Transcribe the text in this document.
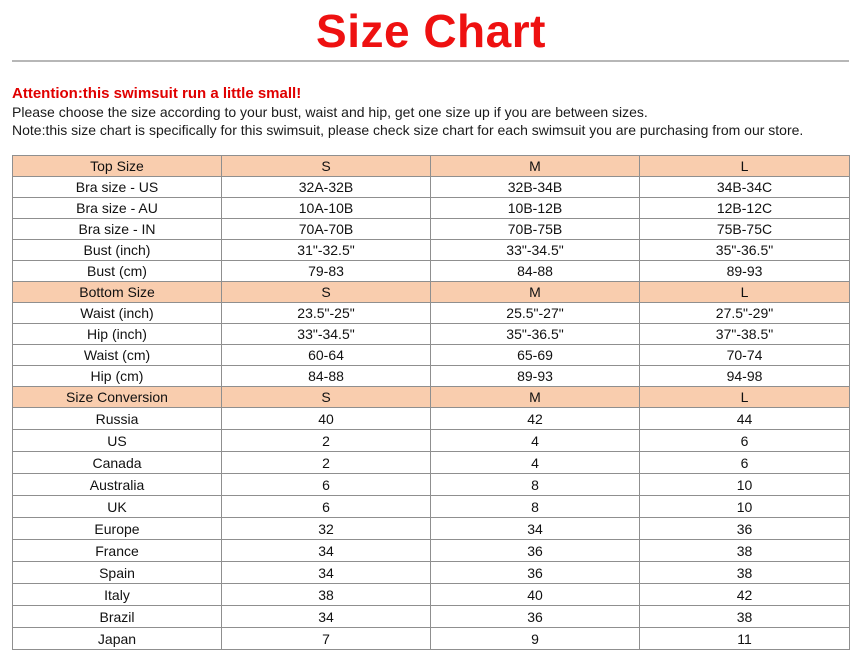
Size Chart

Attention:this swimsuit run a little small!

Please choose the size according to your bust, waist and hip, get one size up if you are between sizes.

Note:this size chart is specifically for this swimsuit, please check size chart for each swimsuit you are purchasing from our store.

Top Size	S	M	L
Bra size - US	32A-32B	32B-34B	34B-34C
Bra size - AU	10A-10B	10B-12B	12B-12C
Bra size - IN	70A-70B	70B-75B	75B-75C
Bust (inch)	31"-32.5"	33"-34.5"	35"-36.5"
Bust (cm)	79-83	84-88	89-93
Bottom Size	S	M	L
Waist (inch)	23.5"-25"	25.5"-27"	27.5"-29"
Hip (inch)	33"-34.5"	35"-36.5"	37"-38.5"
Waist (cm)	60-64	65-69	70-74
Hip (cm)	84-88	89-93	94-98
Size Conversion	S	M	L
Russia	40	42	44
US	2	4	6
Canada	2	4	6
Australia	6	8	10
UK	6	8	10
Europe	32	34	36
France	34	36	38
Spain	34	36	38
Italy	38	40	42
Brazil	34	36	38
Japan	7	9	11
